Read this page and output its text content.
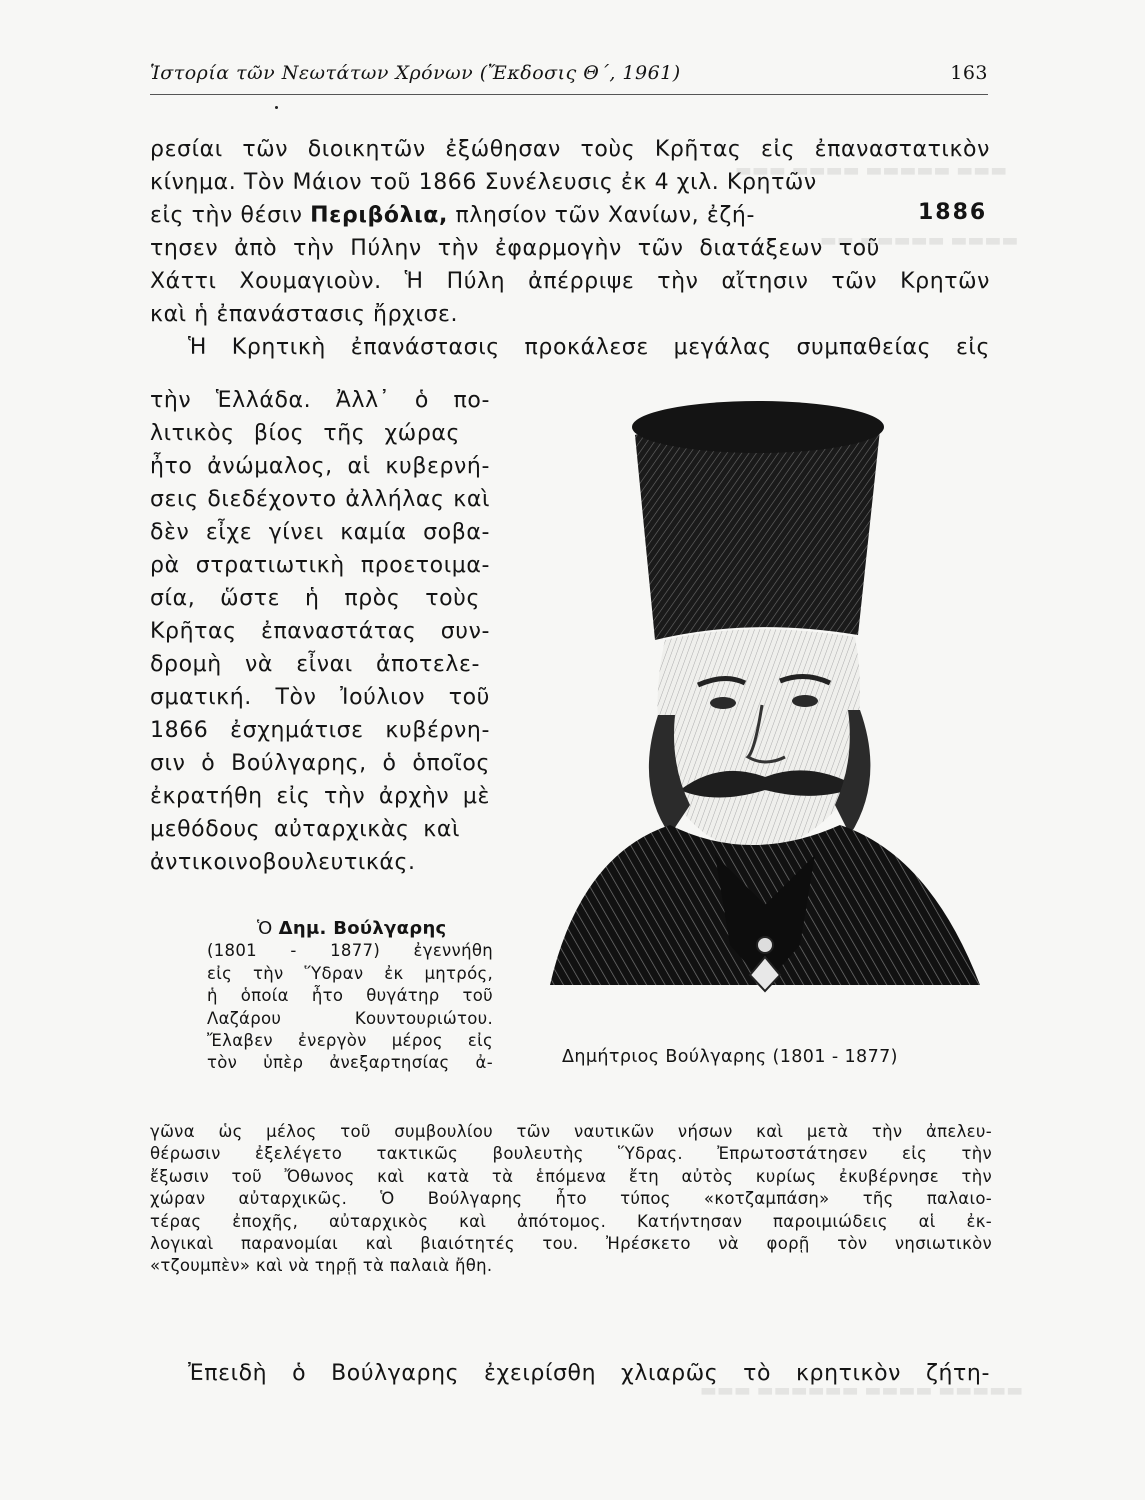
▬▬▬ ▬▬▬▬▬ ▬▬▬▬ ▬▬▬
▬▬▬▬ ▬▬▬▬▬ ▬▬
▬▬▬▬▬ ▬▬▬▬ ▬▬▬▬▬▬ ▬▬▬
Ἱστορία τῶν Νεωτάτων Χρόνων (Ἔκδοσις Θ΄, 1961)	163
ρεσίαι τῶν διοικητῶν ἐξώθησαν τοὺς Κρῆτας εἰς ἐπαναστατικὸν
κίνημα. Τὸν Μάιον τοῦ 1866 Συνέλευσις ἐκ 4 χιλ. Κρητῶν
εἰς τὴν θέσιν Περιβόλια, πλησίον τῶν Χανίων, ἐζή-
τησεν ἀπὸ τὴν Πύλην τὴν ἐφαρμογὴν τῶν διατάξεων τοῦ
Χάττι Χουμαγιοὺν. Ἡ Πύλη ἀπέρριψε τὴν αἴτησιν τῶν Κρητῶν
καὶ ἡ ἐπανάστασις ἤρχισε.
Ἡ Κρητικὴ ἐπανάστασις προκάλεσε μεγάλας συμπαθείας εἰς
1886
τὴν Ἑλλάδα. Ἀλλ᾽ ὁ πο-
λιτικὸς βίος τῆς χώρας
ἦτο ἀνώμαλος, αἱ κυβερνή-
σεις διεδέχοντο ἀλλήλας καὶ
δὲν εἶχε γίνει καμία σοβα-
ρὰ στρατιωτικὴ προετοιμα-
σία, ὥστε ἡ πρὸς τοὺς
Κρῆτας ἐπαναστάτας συν-
δρομὴ νὰ εἶναι ἀποτελε-
σματική. Τὸν Ἰούλιον τοῦ
1866 ἐσχημάτισε κυβέρνη-
σιν ὁ Βούλγαρης, ὁ ὁποῖος
ἐκρατήθη εἰς τὴν ἀρχὴν μὲ
μεθόδους αὐταρχικὰς καὶ
ἀντικοινοβουλευτικάς.
Ὁ Δημ. Βούλγαρης
(1801 - 1877) ἐγεννήθη
εἰς τὴν Ὕδραν ἐκ μητρός,
ἡ ὁποία ἦτο θυγάτηρ τοῦ
Λαζάρου Κουντουριώτου.
Ἔλαβεν ἐνεργὸν μέρος εἰς
τὸν ὑπὲρ ἀνεξαρτησίας ἀ-
γῶνα ὡς μέλος τοῦ συμβουλίου τῶν ναυτικῶν νήσων καὶ μετὰ τὴν ἀπελευ-
θέρωσιν ἐξελέγετο τακτικῶς βουλευτὴς Ὕδρας. Ἐπρωτοστάτησεν εἰς τὴν
ἔξωσιν τοῦ Ὄθωνος καὶ κατὰ τὰ ἑπόμενα ἔτη αὐτὸς κυρίως ἐκυβέρνησε τὴν
χώραν αὐταρχικῶς. Ὁ Βούλγαρης ἦτο τύπος «κοτζαμπάση» τῆς παλαιο-
τέρας ἐποχῆς, αὐταρχικὸς καὶ ἀπότομος. Κατήντησαν παροιμιώδεις αἱ ἐκ-
λογικαὶ παρανομίαι καὶ βιαιότητές του. Ἠρέσκετο νὰ φορῇ τὸν νησιωτικὸν
«τζουμπὲν» καὶ νὰ τηρῇ τὰ παλαιὰ ἤθη.
Δημήτριος Βούλγαρης (1801 - 1877)
Ἐπειδὴ ὁ Βούλγαρης ἐχειρίσθη χλιαρῶς τὸ κρητικὸν ζήτη-
